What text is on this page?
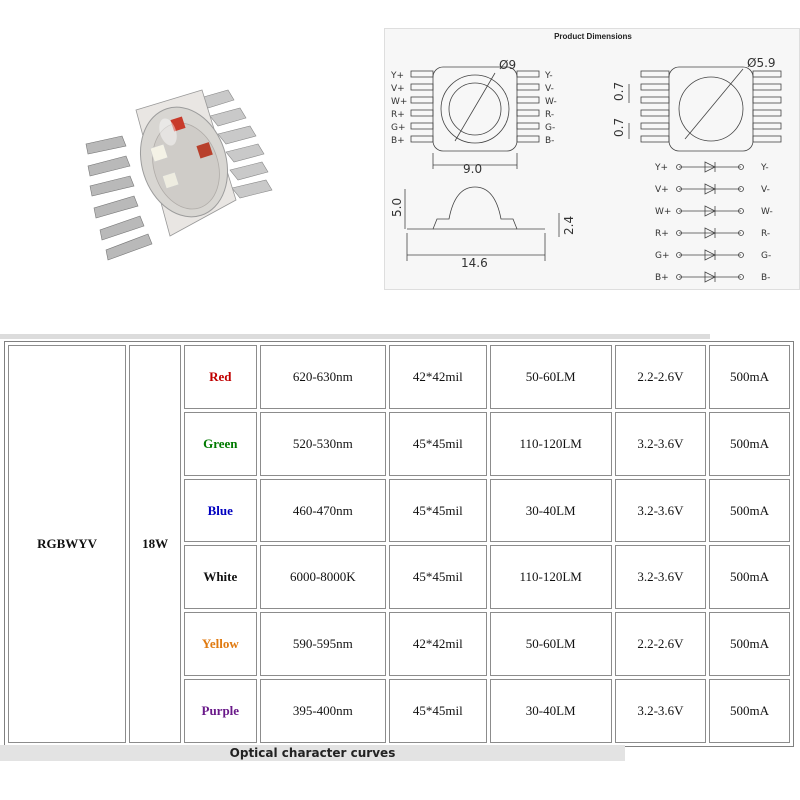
Product Dimensions
Y+
V+
W+
R+
G+
B+
Y-
V-
W-
R-
G-
B-
Y+
V+
W+
R+
G+
B+
Y-
V-
W-
R-
G-
B-
Ø9
9.0
Ø5.9
14.6
5.0
2.4
0.7
0.7
RGBWYV	18W	Red	620-630nm	42*42mil	50-60LM	2.2-2.6V	500mA
		Green	520-530nm	45*45mil	110-120LM	3.2-3.6V	500mA
		Blue	460-470nm	45*45mil	30-40LM	3.2-3.6V	500mA
		White	6000-8000K	45*45mil	110-120LM	3.2-3.6V	500mA
		Yellow	590-595nm	42*42mil	50-60LM	2.2-2.6V	500mA
		Purple	395-400nm	45*45mil	30-40LM	3.2-3.6V	500mA
Optical character curves
